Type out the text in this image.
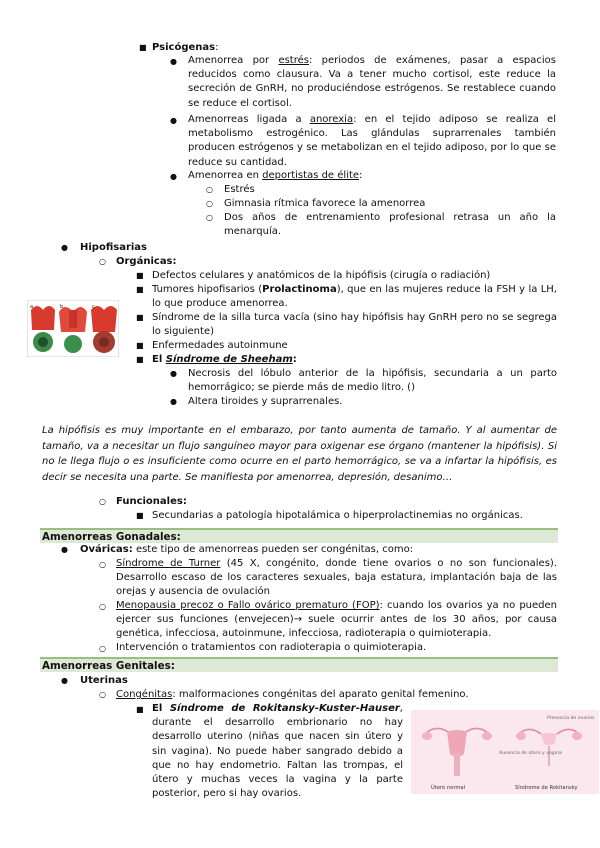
■ Psicógenas:
● Amenorrea por estrés: periodos de exámenes, pasar a espacios reducidos como clausura. Va a tener mucho cortisol, este reduce la secreción de GnRH, no produciéndose estrógenos. Se restablece cuando se reduce el cortisol.
● Amenorreas ligada a anorexia: en el tejido adiposo se realiza el metabolismo estrogénico. Las glándulas suprarrenales también producen estrógenos y se metabolizan en el tejido adiposo, por lo que se reduce su cantidad.
● Amenorrea en deportistas de élite:
○ Estrés
○ Gimnasia rítmica favorece la amenorrea
○ Dos años de entrenamiento profesional retrasa un año la menarquía.
● Hipofisarias
○ Orgánicas:
■ Defectos celulares y anatómicos de la hipófisis (cirugía o radiación)
■ Tumores hipofisarios (Prolactinoma), que en las mujeres reduce la FSH y la LH, lo que produce amenorrea.
■ Síndrome de la silla turca vacía (sino hay hipófisis hay GnRH pero no se segrega lo siguiente)
■ Enfermedades autoinmune
■ El Síndrome de Sheeham:
● Necrosis del lóbulo anterior de la hipófisis, secundaria a un parto hemorrágico; se pierde más de medio litro. ()
● Altera tiroides y suprarrenales.
a	b	c
La hipófisis es muy importante en el embarazo, por tanto aumenta de tamaño. Y al aumentar de tamaño, va a necesitar un flujo sanguíneo mayor para oxigenar ese órgano (mantener la hipófisis). Si no le llega flujo o es insuficiente como ocurre en el parto hemorrágico, se va a infartar la hipófisis, es decir se necesita una parte. Se manifiesta por amenorrea, depresión, desanimo…
○ Funcionales:
■ Secundarias a patología hipotalámica o hiperprolactinemias no orgánicas.
Amenorreas Gonadales:
● Ováricas: este tipo de amenorreas pueden ser congénitas, como:
○ Síndrome de Turner (45 X, congénito, donde tiene ovarios o no son funcionales). Desarrollo escaso de los caracteres sexuales, baja estatura, implantación baja de las orejas y ausencia de ovulación
○ Menopausia precoz o Fallo ovárico prematuro (FOP): cuando los ovarios ya no pueden ejercer sus funciones (envejecen)→ suele ocurrir antes de los 30 años, por causa genética, infecciosa, autoinmune, infecciosa, radioterapia o quimioterapia.
○ Intervención o tratamientos con radioterapia o quimioterapia.
Amenorreas Genitales:
● Uterinas
○ Congénitas: malformaciones congénitas del aparato genital femenino.
■ El Síndrome de Rokitansky-Kuster-Hauser, durante el desarrollo embrionario no hay desarrollo uterino (niñas que nacen sin útero y sin vagina). No puede haber sangrado debido a que no hay endometrio. Faltan las trompas, el útero y muchas veces la vagina y la parte posterior, pero si hay ovarios.
Útero normal	Síndrome de Rokitansky
Presencia de ovarios
Ausencia de útero y vagina
